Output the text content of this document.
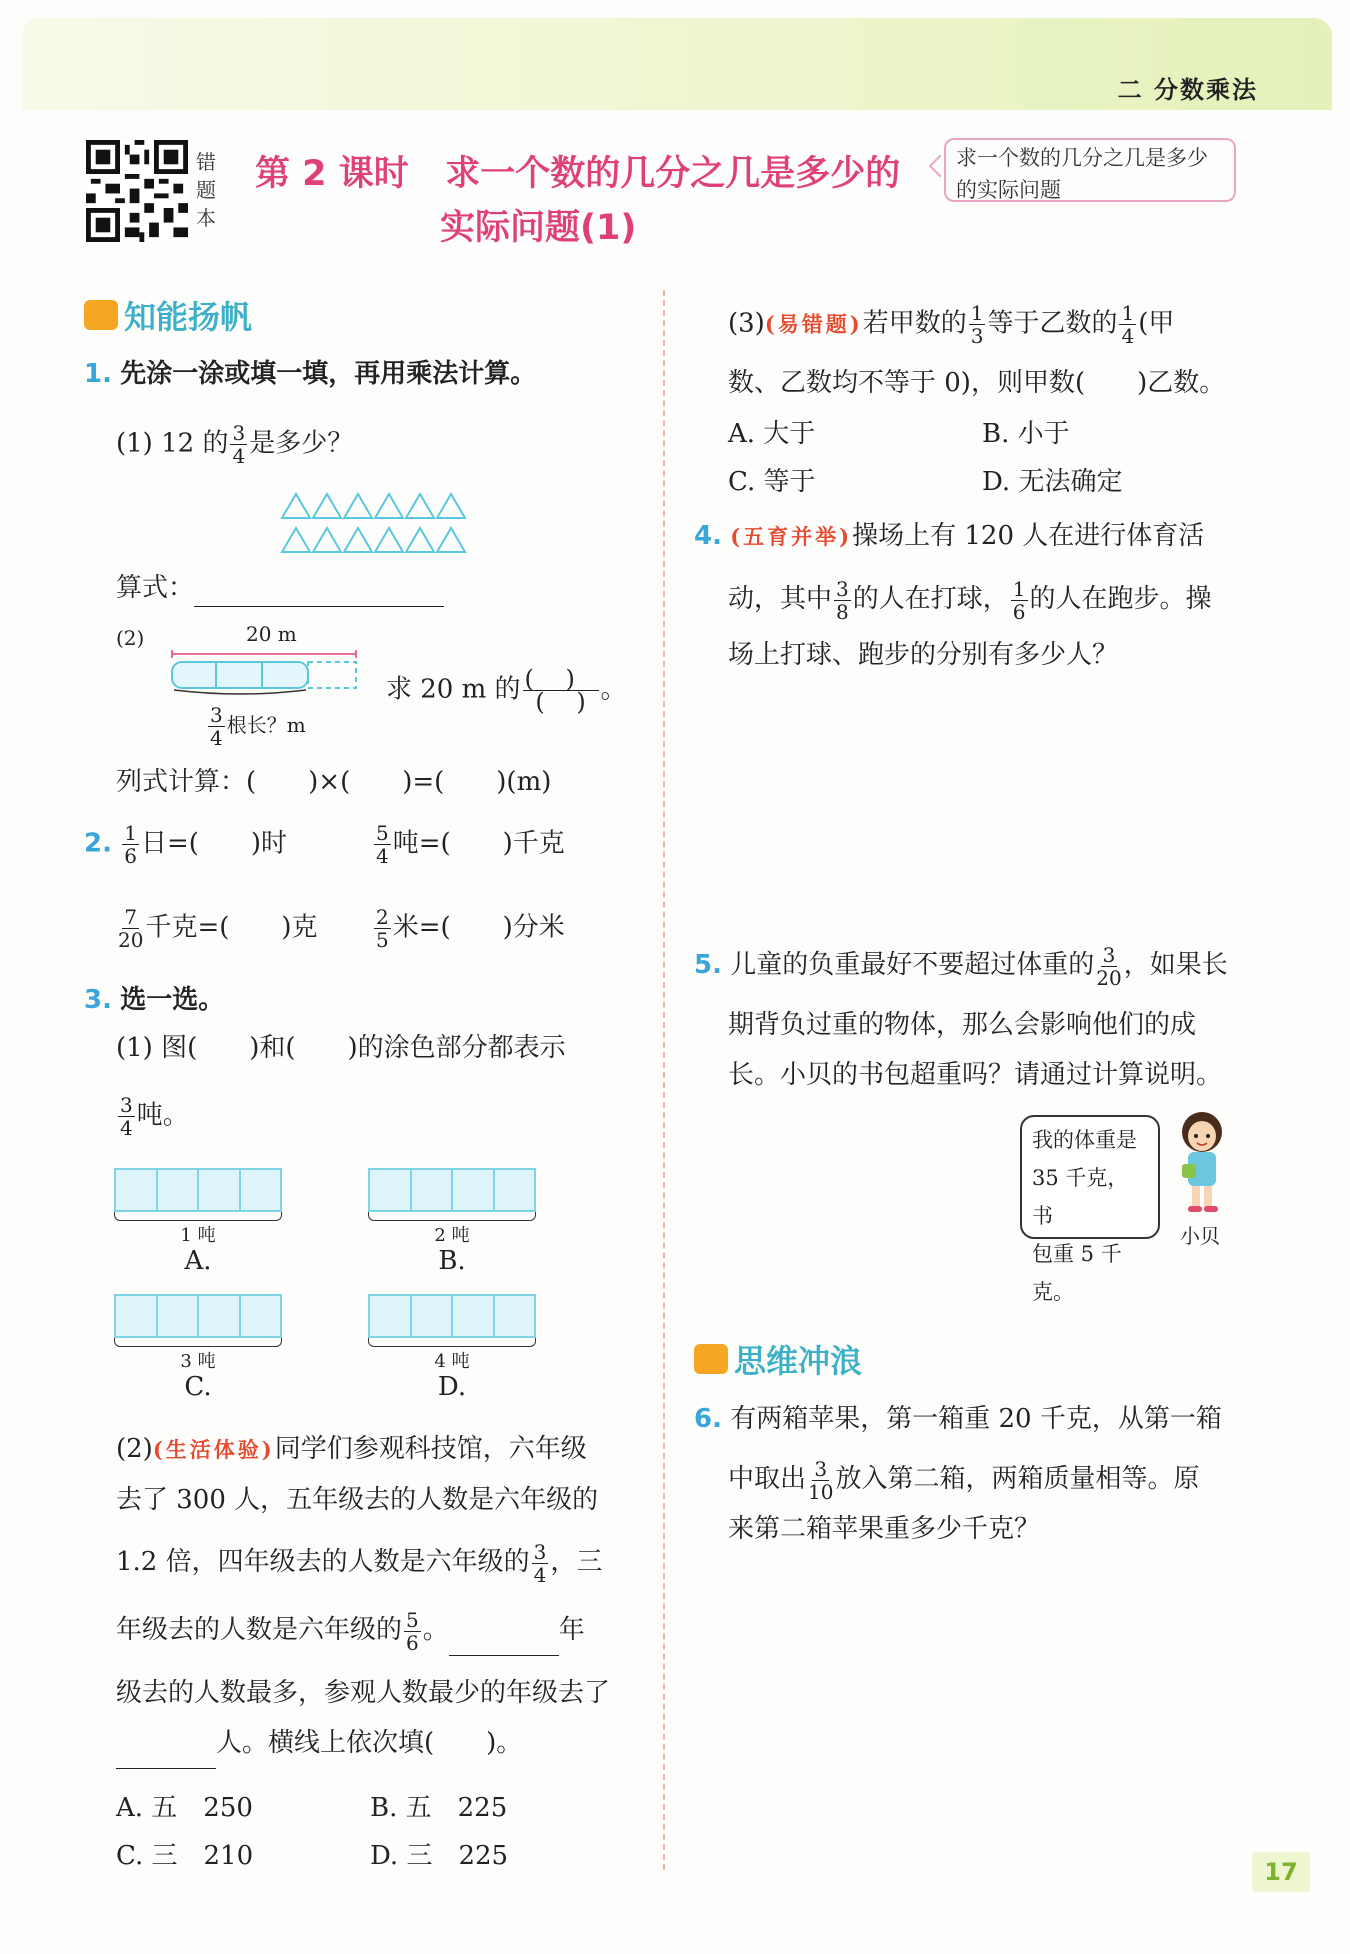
二 分数乘法
错题本
第 2 课时 求一个数的几分之几是多少的
实际问题(1)
求一个数的几分之几是多少的实际问题
知能扬帆
1. 先涂一涂或填一填，再用乘法计算。
(1) 12 的 $\frac{3}{4}$ 是多少？
算式：
(2)	20 m
$\frac{3}{4}$ 根长？m
求 20 m 的 $\frac{( )}{( )}$ 。
列式计算：(　　)×(　　)=(　　)(m)
2. $\frac{1}{6}$ 日=(　　)时	$\frac{5}{4}$ 吨=(　　)千克
$\frac{7}{20}$ 千克=(　　)克	$\frac{2}{5}$ 米=(　　)分米
3. 选一选。
(1) 图(　　)和(　　)的涂色部分都表示
$\frac{3}{4}$ 吨。
1 吨
A.
2 吨
B.
3 吨
C.
4 吨
D.
(2)(生活体验)同学们参观科技馆，六年级
去了 300 人，五年级去的人数是六年级的
1.2 倍，四年级去的人数是六年级的 $\frac{3}{4}$ ，三
年级去的人数是六年级的 $\frac{5}{6}$ 。	年
级去的人数最多，参观人数最少的年级去了
人。横线上依次填(　　)。
A. 五　250	B. 五　225
C. 三　210	D. 三　225
(3)(易错题)若甲数的 $\frac{1}{3}$ 等于乙数的 $\frac{1}{4}$ (甲
数、乙数均不等于 0)，则甲数(　　)乙数。
A. 大于	B. 小于
C. 等于	D. 无法确定
4. (五育并举)操场上有 120 人在进行体育活
动，其中 $\frac{3}{8}$ 的人在打球， $\frac{1}{6}$ 的人在跑步。操
场上打球、跑步的分别有多少人？
5. 儿童的负重最好不要超过体重的 $\frac{3}{20}$ ，如果长
期背负过重的物体，那么会影响他们的成
长。小贝的书包超重吗？请通过计算说明。
我的体重是
35 千克，书
包重 5 千克。
小贝
思维冲浪
6. 有两箱苹果，第一箱重 20 千克，从第一箱
中取出 $\frac{3}{10}$ 放入第二箱，两箱质量相等。原
来第二箱苹果重多少千克？
17
